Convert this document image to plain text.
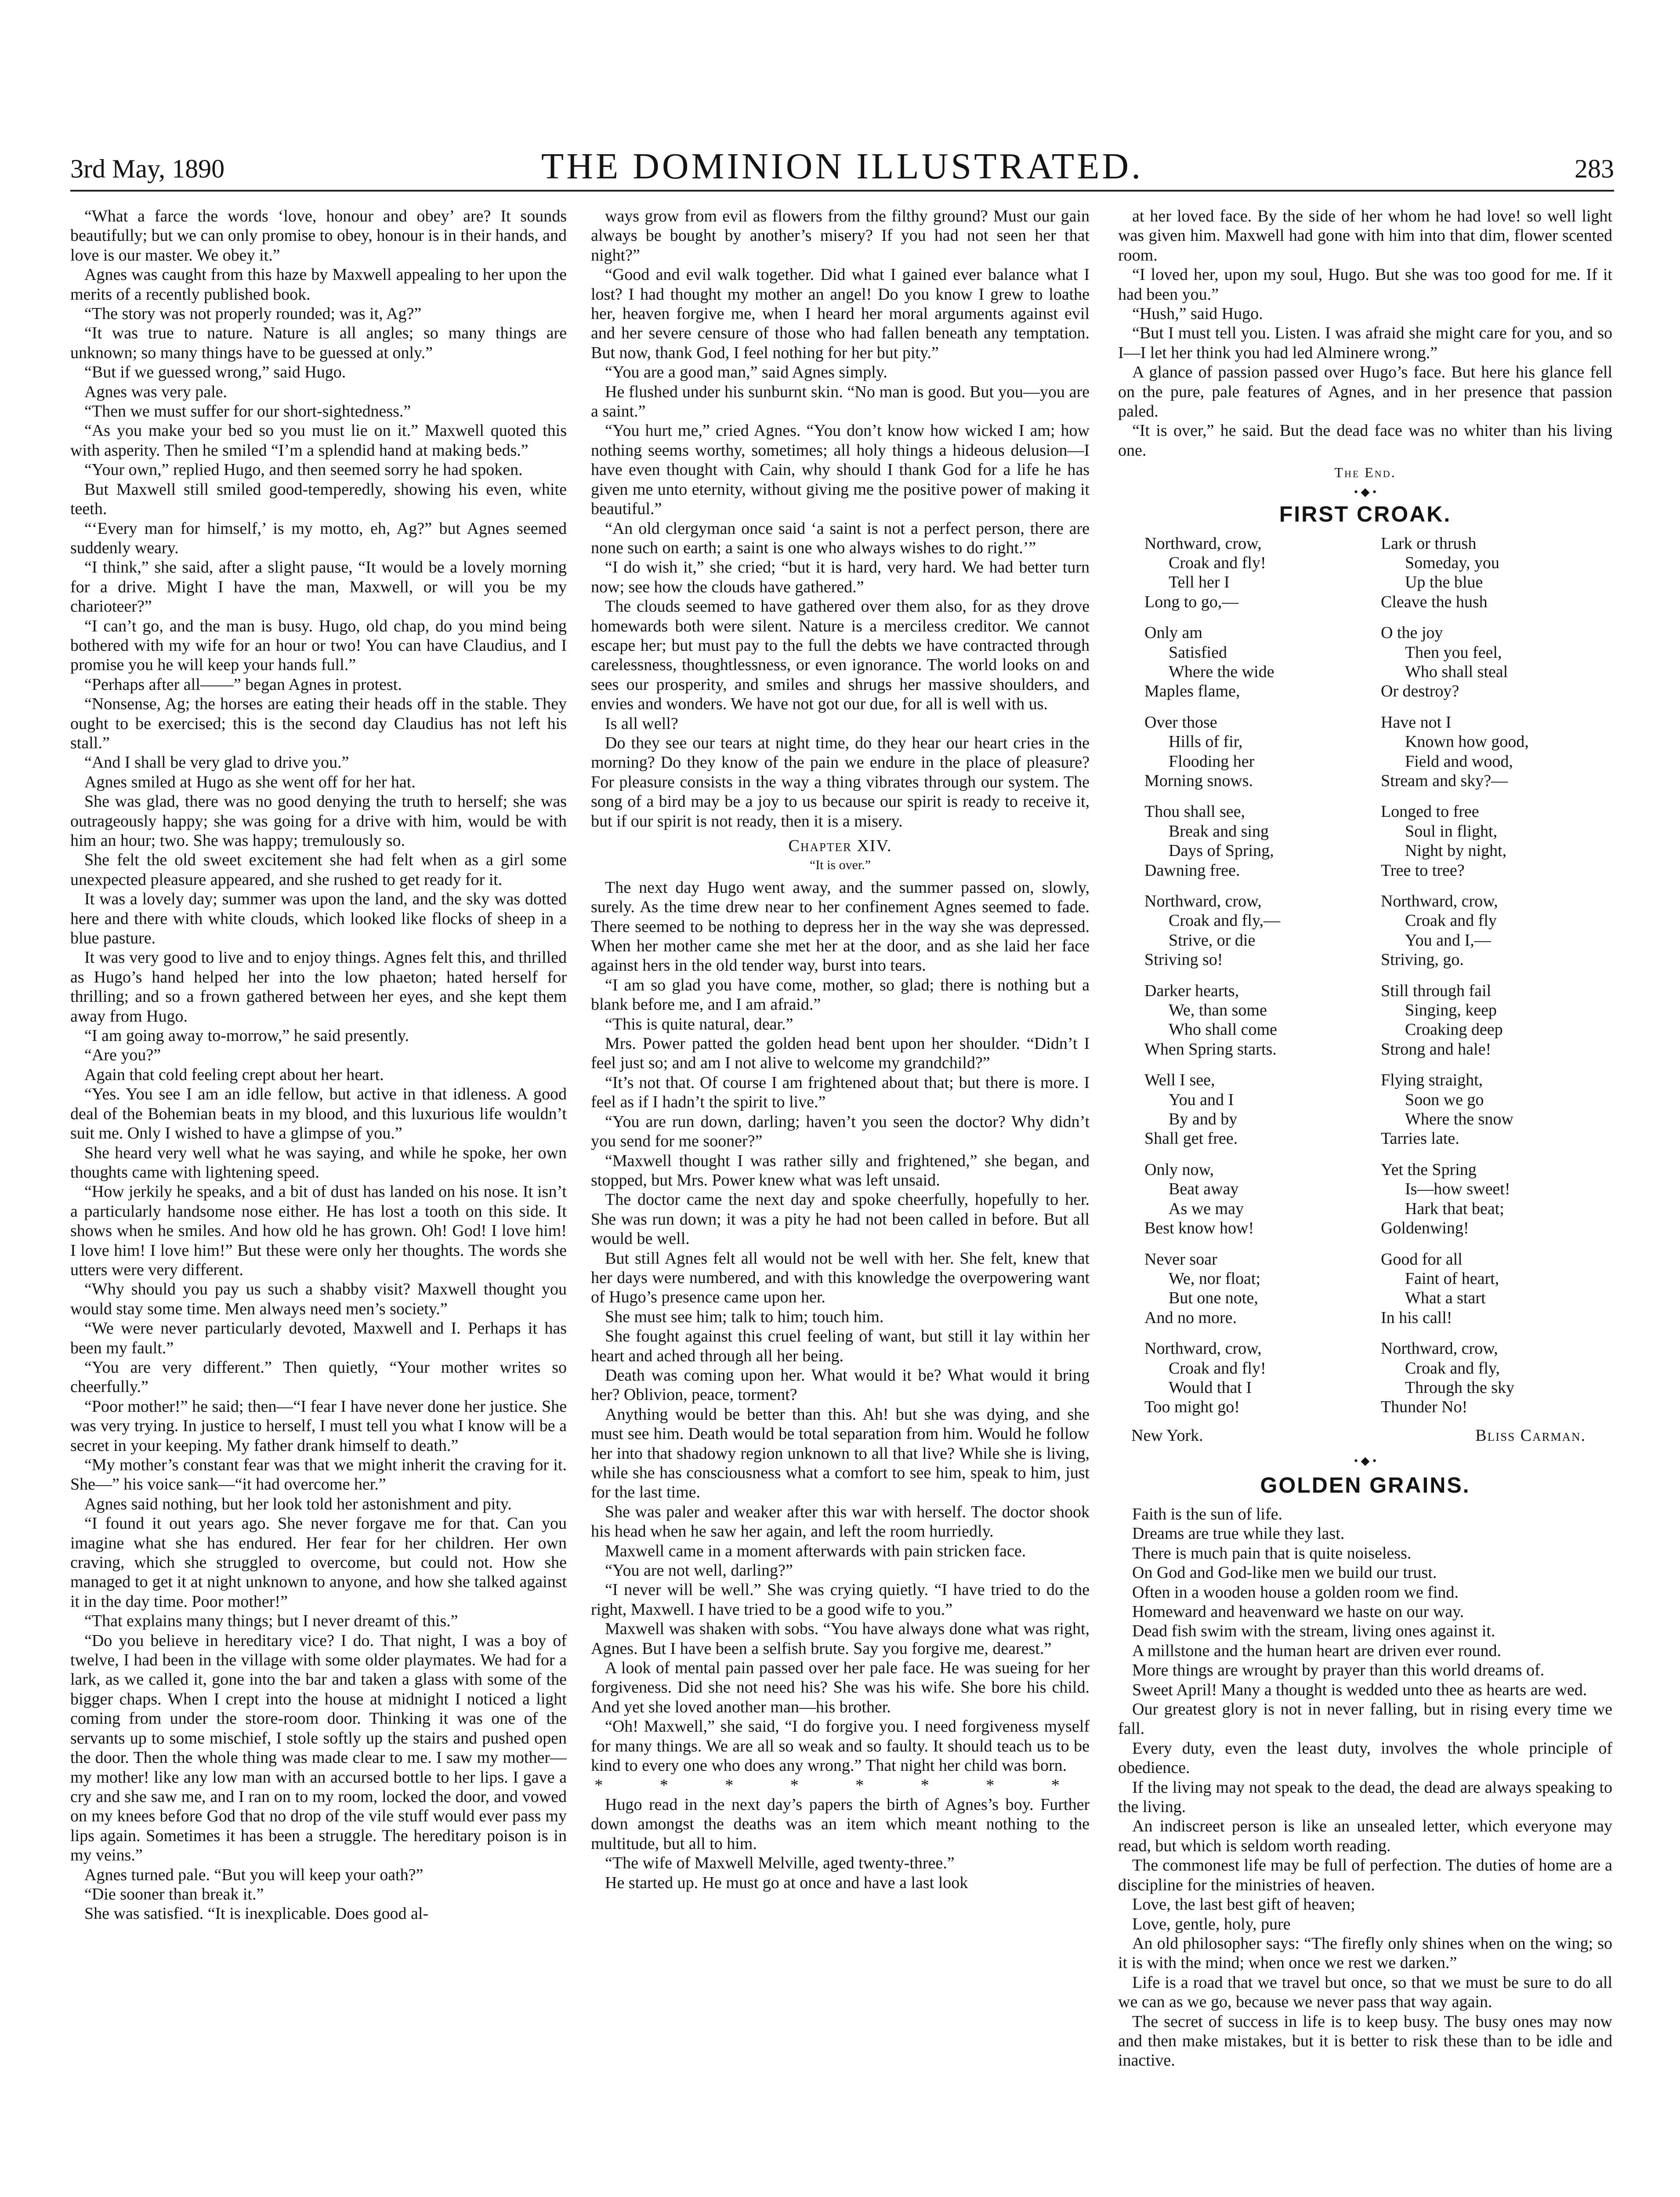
3rd May, 1890	THE DOMINION ILLUSTRATED.	283

“What a farce the words ‘love, honour and obey’ are? It sounds beautifully; but we can only promise to obey, honour is in their hands, and love is our master. We obey it.”

Agnes was caught from this haze by Maxwell appealing to her upon the merits of a recently published book.

“The story was not properly rounded; was it, Ag?”

“It was true to nature. Nature is all angles; so many things are unknown; so many things have to be guessed at only.”

“But if we guessed wrong,” said Hugo.

Agnes was very pale.

“Then we must suffer for our short-sightedness.”

“As you make your bed so you must lie on it.” Maxwell quoted this with asperity. Then he smiled “I’m a splendid hand at making beds.”

“Your own,” replied Hugo, and then seemed sorry he had spoken.

But Maxwell still smiled good-temperedly, showing his even, white teeth.

“‘Every man for himself,’ is my motto, eh, Ag?” but Agnes seemed suddenly weary.

“I think,” she said, after a slight pause, “It would be a lovely morning for a drive. Might I have the man, Maxwell, or will you be my charioteer?”

“I can’t go, and the man is busy. Hugo, old chap, do you mind being bothered with my wife for an hour or two! You can have Claudius, and I promise you he will keep your hands full.”

“Perhaps after all——” began Agnes in protest.

“Nonsense, Ag; the horses are eating their heads off in the stable. They ought to be exercised; this is the second day Claudius has not left his stall.”

“And I shall be very glad to drive you.”

Agnes smiled at Hugo as she went off for her hat.

She was glad, there was no good denying the truth to herself; she was outrageously happy; she was going for a drive with him, would be with him an hour; two. She was happy; tremulously so.

She felt the old sweet excitement she had felt when as a girl some unexpected pleasure appeared, and she rushed to get ready for it.

It was a lovely day; summer was upon the land, and the sky was dotted here and there with white clouds, which looked like flocks of sheep in a blue pasture.

It was very good to live and to enjoy things. Agnes felt this, and thrilled as Hugo’s hand helped her into the low phaeton; hated herself for thrilling; and so a frown gathered between her eyes, and she kept them away from Hugo.

“I am going away to-morrow,” he said presently.

“Are you?”

Again that cold feeling crept about her heart.

“Yes. You see I am an idle fellow, but active in that idleness. A good deal of the Bohemian beats in my blood, and this luxurious life wouldn’t suit me. Only I wished to have a glimpse of you.”

She heard very well what he was saying, and while he spoke, her own thoughts came with lightening speed.

“How jerkily he speaks, and a bit of dust has landed on his nose. It isn’t a particularly handsome nose either. He has lost a tooth on this side. It shows when he smiles. And how old he has grown. Oh! God! I love him! I love him! I love him!” But these were only her thoughts. The words she utters were very different.

“Why should you pay us such a shabby visit? Maxwell thought you would stay some time. Men always need men’s society.”

“We were never particularly devoted, Maxwell and I. Perhaps it has been my fault.”

“You are very different.” Then quietly, “Your mother writes so cheerfully.”

“Poor mother!” he said; then—“I fear I have never done her justice. She was very trying. In justice to herself, I must tell you what I know will be a secret in your keeping. My father drank himself to death.”

“My mother’s constant fear was that we might inherit the craving for it. She—” his voice sank—“it had overcome her.”

Agnes said nothing, but her look told her astonishment and pity.

“I found it out years ago. She never forgave me for that. Can you imagine what she has endured. Her fear for her children. Her own craving, which she struggled to overcome, but could not. How she managed to get it at night unknown to anyone, and how she talked against it in the day time. Poor mother!”

“That explains many things; but I never dreamt of this.”

“Do you believe in hereditary vice? I do. That night, I was a boy of twelve, I had been in the village with some older playmates. We had for a lark, as we called it, gone into the bar and taken a glass with some of the bigger chaps. When I crept into the house at midnight I noticed a light coming from under the store-room door. Thinking it was one of the servants up to some mischief, I stole softly up the stairs and pushed open the door. Then the whole thing was made clear to me. I saw my mother—my mother! like any low man with an accursed bottle to her lips. I gave a cry and she saw me, and I ran on to my room, locked the door, and vowed on my knees before God that no drop of the vile stuff would ever pass my lips again. Sometimes it has been a struggle. The hereditary poison is in my veins.”

Agnes turned pale. “But you will keep your oath?”

“Die sooner than break it.”

She was satisfied. “It is inexplicable. Does good al-

ways grow from evil as flowers from the filthy ground? Must our gain always be bought by another’s misery? If you had not seen her that night?”

“Good and evil walk together. Did what I gained ever balance what I lost? I had thought my mother an angel! Do you know I grew to loathe her, heaven forgive me, when I heard her moral arguments against evil and her severe censure of those who had fallen beneath any temptation. But now, thank God, I feel nothing for her but pity.”

“You are a good man,” said Agnes simply.

He flushed under his sunburnt skin. “No man is good. But you—you are a saint.”

“You hurt me,” cried Agnes. “You don’t know how wicked I am; how nothing seems worthy, sometimes; all holy things a hideous delusion—I have even thought with Cain, why should I thank God for a life he has given me unto eternity, without giving me the positive power of making it beautiful.”

“An old clergyman once said ‘a saint is not a perfect person, there are none such on earth; a saint is one who always wishes to do right.’”

“I do wish it,” she cried; “but it is hard, very hard. We had better turn now; see how the clouds have gathered.”

The clouds seemed to have gathered over them also, for as they drove homewards both were silent. Nature is a merciless creditor. We cannot escape her; but must pay to the full the debts we have contracted through carelessness, thoughtlessness, or even ignorance. The world looks on and sees our prosperity, and smiles and shrugs her massive shoulders, and envies and wonders. We have not got our due, for all is well with us.

Is all well?

Do they see our tears at night time, do they hear our heart cries in the morning? Do they know of the pain we endure in the place of pleasure? For pleasure consists in the way a thing vibrates through our system. The song of a bird may be a joy to us because our spirit is ready to receive it, but if our spirit is not ready, then it is a misery.

Chapter XIV.
“It is over.”

The next day Hugo went away, and the summer passed on, slowly, surely. As the time drew near to her confinement Agnes seemed to fade. There seemed to be nothing to depress her in the way she was depressed. When her mother came she met her at the door, and as she laid her face against hers in the old tender way, burst into tears.

“I am so glad you have come, mother, so glad; there is nothing but a blank before me, and I am afraid.”

“This is quite natural, dear.”

Mrs. Power patted the golden head bent upon her shoulder. “Didn’t I feel just so; and am I not alive to welcome my grandchild?”

“It’s not that. Of course I am frightened about that; but there is more. I feel as if I hadn’t the spirit to live.”

“You are run down, darling; haven’t you seen the doctor? Why didn’t you send for me sooner?”

“Maxwell thought I was rather silly and frightened,” she began, and stopped, but Mrs. Power knew what was left unsaid.

The doctor came the next day and spoke cheerfully, hopefully to her. She was run down; it was a pity he had not been called in before. But all would be well.

But still Agnes felt all would not be well with her. She felt, knew that her days were numbered, and with this knowledge the overpowering want of Hugo’s presence came upon her.

She must see him; talk to him; touch him.

She fought against this cruel feeling of want, but still it lay within her heart and ached through all her being.

Death was coming upon her. What would it be? What would it bring her? Oblivion, peace, torment?

Anything would be better than this. Ah! but she was dying, and she must see him. Death would be total separation from him. Would he follow her into that shadowy region unknown to all that live? While she is living, while she has consciousness what a comfort to see him, speak to him, just for the last time.

She was paler and weaker after this war with herself. The doctor shook his head when he saw her again, and left the room hurriedly.

Maxwell came in a moment afterwards with pain stricken face.

“You are not well, darling?”

“I never will be well.” She was crying quietly. “I have tried to do the right, Maxwell. I have tried to be a good wife to you.”

Maxwell was shaken with sobs. “You have always done what was right, Agnes. But I have been a selfish brute. Say you forgive me, dearest.”

A look of mental pain passed over her pale face. He was sueing for her forgiveness. Did she not need his? She was his wife. She bore his child. And yet she loved another man—his brother.

“Oh! Maxwell,” she said, “I do forgive you. I need forgiveness myself for many things. We are all so weak and so faulty. It should teach us to be kind to every one who does any wrong.” That night her child was born.

* * * * * * * *

Hugo read in the next day’s papers the birth of Agnes’s boy. Further down amongst the deaths was an item which meant nothing to the multitude, but all to him.

“The wife of Maxwell Melville, aged twenty-three.”

He started up. He must go at once and have a last look

at her loved face. By the side of her whom he had love! so well light was given him. Maxwell had gone with him into that dim, flower scented room.

“I loved her, upon my soul, Hugo. But she was too good for me. If it had been you.”

“Hush,” said Hugo.

“But I must tell you. Listen. I was afraid she might care for you, and so I—I let her think you had led Alminere wrong.”

A glance of passion passed over Hugo’s face. But here his glance fell on the pure, pale features of Agnes, and in her presence that passion paled.

“It is over,” he said. But the dead face was no whiter than his living one.

The End.
• ◆ •
FIRST CROAK.
Northward, crow,
Croak and fly!
Tell her I
Long to go,—
Only am
Satisfied
Where the wide
Maples flame,
Over those
Hills of fir,
Flooding her
Morning snows.
Thou shall see,
Break and sing
Days of Spring,
Dawning free.
Northward, crow,
Croak and fly,—
Strive, or die
Striving so!
Darker hearts,
We, than some
Who shall come
When Spring starts.
Well I see,
You and I
By and by
Shall get free.
Only now,
Beat away
As we may
Best know how!
Never soar
We, nor float;
But one note,
And no more.
Northward, crow,
Croak and fly!
Would that I
Too might go!
Lark or thrush
Someday, you
Up the blue
Cleave the hush
O the joy
Then you feel,
Who shall steal
Or destroy?
Have not I
Known how good,
Field and wood,
Stream and sky?—
Longed to free
Soul in flight,
Night by night,
Tree to tree?
Northward, crow,
Croak and fly
You and I,—
Striving, go.
Still through fail
Singing, keep
Croaking deep
Strong and hale!
Flying straight,
Soon we go
Where the snow
Tarries late.
Yet the Spring
Is—how sweet!
Hark that beat;
Goldenwing!
Good for all
Faint of heart,
What a start
In his call!
Northward, crow,
Croak and fly,
Through the sky
Thunder No!
New York.	Bliss Carman.
• ◆ •
GOLDEN GRAINS.

Faith is the sun of life.

Dreams are true while they last.

There is much pain that is quite noiseless.

On God and God-like men we build our trust.

Often in a wooden house a golden room we find.

Homeward and heavenward we haste on our way.

Dead fish swim with the stream, living ones against it.

A millstone and the human heart are driven ever round.

More things are wrought by prayer than this world dreams of.

Sweet April! Many a thought is wedded unto thee as hearts are wed.

Our greatest glory is not in never falling, but in rising every time we fall.

Every duty, even the least duty, involves the whole principle of obedience.

If the living may not speak to the dead, the dead are always speaking to the living.

An indiscreet person is like an unsealed letter, which everyone may read, but which is seldom worth reading.

The commonest life may be full of perfection. The duties of home are a discipline for the ministries of heaven.

Love, the last best gift of heaven;

Love, gentle, holy, pure

An old philosopher says: “The firefly only shines when on the wing; so it is with the mind; when once we rest we darken.”

Life is a road that we travel but once, so that we must be sure to do all we can as we go, because we never pass that way again.

The secret of success in life is to keep busy. The busy ones may now and then make mistakes, but it is better to risk these than to be idle and inactive.
